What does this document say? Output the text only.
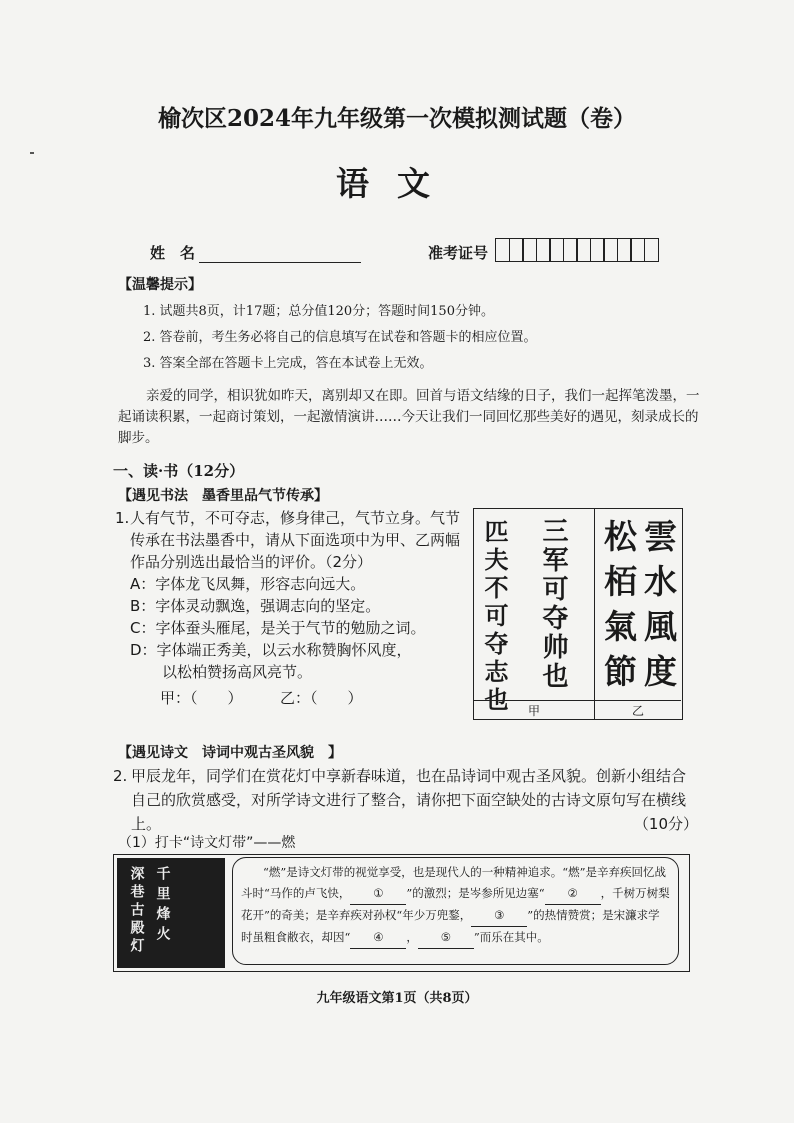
榆次区2024年九年级第一次模拟测试题（卷）
语文
姓　名	准考证号
【温馨提示】
1. 试题共8页，计17题；总分值120分；答题时间150分钟。
2. 答卷前，考生务必将自己的信息填写在试卷和答题卡的相应位置。
3. 答案全部在答题卡上完成，答在本试卷上无效。
亲爱的同学，相识犹如昨天，离别却又在即。回首与语文结缘的日子，我们一起挥笔泼墨，一起诵读积累，一起商讨策划，一起激情演讲……今天让我们一同回忆那些美好的遇见，刻录成长的脚步。
一、读·书（12分）
【遇见书法　墨香里品气节传承】
1. 人有气节，不可夺志，修身律己，气节立身。气节传承在书法墨香中，请从下面选项中为甲、乙两幅作品分别选出最恰当的评价。（2分）
A：字体龙飞凤舞，形容志向远大。
B：字体灵动飘逸，强调志向的坚定。
C：字体蚕头雁尾，是关于气节的勉励之词。
D：字体端正秀美，以云水称赞胸怀风度，
以松柏赞扬高风亮节。
甲：（　　）　　　乙：（　　）	匹夫不可夺志也 三军可夺帅也 松栢氣節 雲水風度
甲	乙
【遇见诗文　诗词中观古圣风貌　】
2. 甲辰龙年，同学们在赏花灯中享新春味道，也在品诗词中观古圣风貌。创新小组结合自己的欣赏感受，对所学诗文进行了整合，请你把下面空缺处的古诗文原句写在横线上。	（10分）
（1）打卡“诗文灯带”——燃
深巷古殿灯 千里烽火	“燃”是诗文灯带的视觉享受，也是现代人的一种精神追求。“燃”是辛弃疾回忆战斗时“马作的卢飞快， ① ”的激烈；是岑参所见边塞“ ② ，千树万树梨花开”的奇美；是辛弃疾对孙权“年少万兜鍪， ③ ”的热情赞赏；是宋濂求学时虽粗食敝衣，却因“ ④ ， ⑤ ”而乐在其中。
九年级语文第1页（共8页）
